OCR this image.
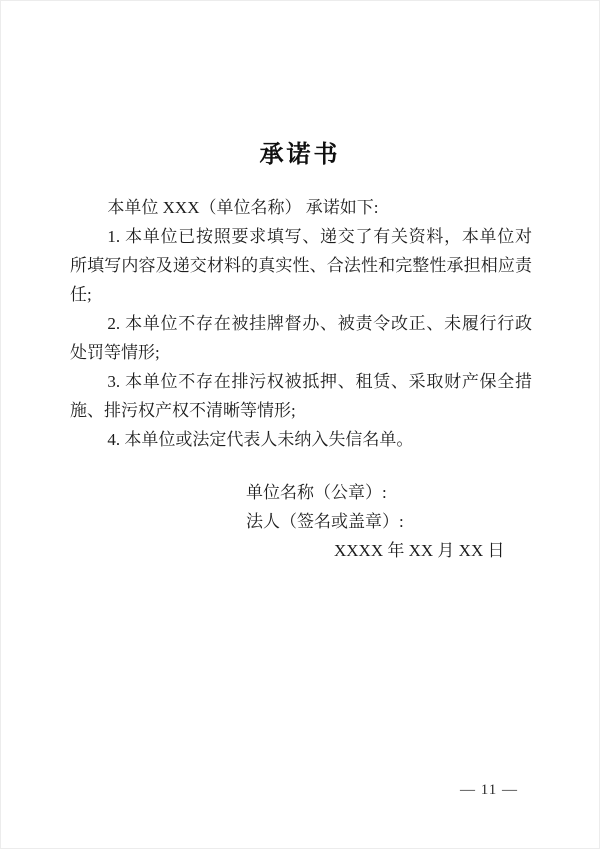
承诺书

本单位 XXX（单位名称） 承诺如下:

1. 本单位已按照要求填写、递交了有关资料，本单位对所填写内容及递交材料的真实性、合法性和完整性承担相应责任;

2. 本单位不存在被挂牌督办、被责令改正、未履行行政处罚等情形;

3. 本单位不存在排污权被抵押、租赁、采取财产保全措施、排污权产权不清晰等情形;

4. 本单位或法定代表人未纳入失信名单。

单位名称（公章）:

法人（签名或盖章）:

XXXX 年 XX 月 XX 日

— 11 —
